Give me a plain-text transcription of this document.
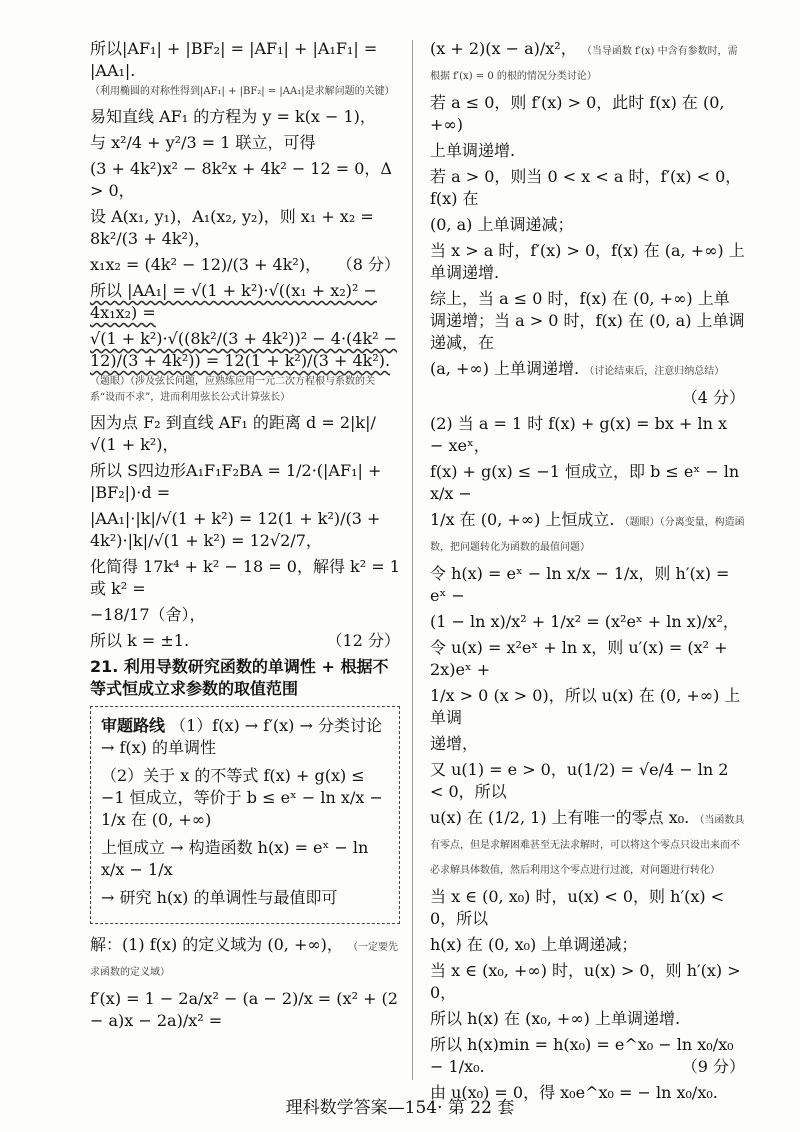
所以|AF₁| + |BF₂| = |AF₁| + |A₁F₁| = |AA₁|.
（利用椭圆的对称性得到|AF₁| + |BF₂| = |AA₁|是求解问题的关键）
易知直线 AF₁ 的方程为 y = k(x − 1)，
与 x²/4 + y²/3 = 1 联立，可得
(3 + 4k²)x² − 8k²x + 4k² − 12 = 0，Δ > 0，
设 A(x₁, y₁)，A₁(x₂, y₂)，则 x₁ + x₂ = 8k²/(3 + 4k²)，
x₁x₂ = (4k² − 12)/(3 + 4k²)， （8 分）
所以 |AA₁| = √(1 + k²)·√((x₁ + x₂)² − 4x₁x₂) =
√(1 + k²)·√((8k²/(3 + 4k²))² − 4·(4k² − 12)/(3 + 4k²)) = 12(1 + k²)/(3 + 4k²).
（题眼）（涉及弦长问题，应熟练应用一元二次方程根与系数的关系“设而不求”，进而利用弦长公式计算弦长）
因为点 F₂ 到直线 AF₁ 的距离 d = 2|k|/√(1 + k²)，
所以 S四边形A₁F₁F₂BA = 1/2·(|AF₁| + |BF₂|)·d =
|AA₁|·|k|/√(1 + k²) = 12(1 + k²)/(3 + 4k²)·|k|/√(1 + k²) = 12√2/7，
化简得 17k⁴ + k² − 18 = 0，解得 k² = 1 或 k² =
−18/17（舍），
所以 k = ±1.	（12 分）
21. 利用导数研究函数的单调性 + 根据不等式恒成立求参数的取值范围
审题路线 （1）f(x) → f′(x) → 分类讨论 → f(x) 的单调性
（2）关于 x 的不等式 f(x) + g(x) ≤ −1 恒成立，等价于 b ≤ eˣ − ln x/x − 1/x 在 (0, +∞)
上恒成立 → 构造函数 h(x) = eˣ − ln x/x − 1/x
→ 研究 h(x) 的单调性与最值即可
解：(1) f(x) 的定义域为 (0, +∞)， （一定要先求函数的定义域）
f′(x) = 1 − 2a/x² − (a − 2)/x = (x² + (2 − a)x − 2a)/x² =
(x + 2)(x − a)/x²， （当导函数 f′(x) 中含有参数时，需根据 f′(x) = 0 的根的情况分类讨论）
若 a ≤ 0，则 f′(x) > 0，此时 f(x) 在 (0, +∞)
上单调递增.
若 a > 0，则当 0 < x < a 时，f′(x) < 0，f(x) 在
(0, a) 上单调递减；
当 x > a 时，f′(x) > 0，f(x) 在 (a, +∞) 上单调递增.
综上，当 a ≤ 0 时，f(x) 在 (0, +∞) 上单调递增；当 a > 0 时，f(x) 在 (0, a) 上单调递减，在
(a, +∞) 上单调递增. （讨论结束后，注意归纳总结）
（4 分）
(2) 当 a = 1 时 f(x) + g(x) = bx + ln x − xeˣ，
f(x) + g(x) ≤ −1 恒成立，即 b ≤ eˣ − ln x/x −
1/x 在 (0, +∞) 上恒成立. （题眼）（分离变量，构造函数，把问题转化为函数的最值问题）
令 h(x) = eˣ − ln x/x − 1/x，则 h′(x) = eˣ −
(1 − ln x)/x² + 1/x² = (x²eˣ + ln x)/x²，
令 u(x) = x²eˣ + ln x，则 u′(x) = (x² + 2x)eˣ +
1/x > 0 (x > 0)，所以 u(x) 在 (0, +∞) 上单调
递增，
又 u(1) = e > 0，u(1/2) = √e/4 − ln 2 < 0，所以
u(x) 在 (1/2, 1) 上有唯一的零点 x₀. （当函数具有零点，但是求解困难甚至无法求解时，可以将这个零点只设出来而不必求解具体数值，然后利用这个零点进行过渡，对问题进行转化）
当 x ∈ (0, x₀) 时，u(x) < 0，则 h′(x) < 0，所以
h(x) 在 (0, x₀) 上单调递减；
当 x ∈ (x₀, +∞) 时，u(x) > 0，则 h′(x) > 0，
所以 h(x) 在 (x₀, +∞) 上单调递增.
所以 h(x)min = h(x₀) = e^x₀ − ln x₀/x₀ − 1/x₀.	（9 分）
由 u(x₀) = 0，得 x₀e^x₀ = − ln x₀/x₀.
理科数学答案—154· 第 22 套
